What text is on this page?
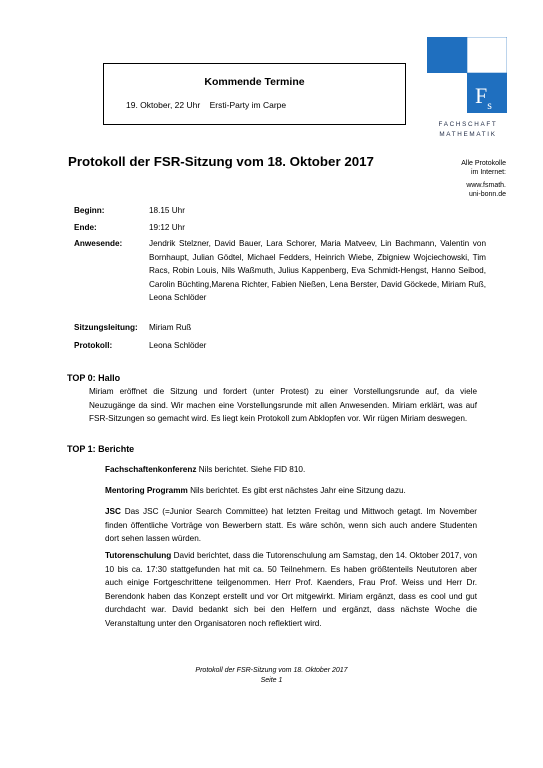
Kommende Termine
19. Oktober, 22 Uhr    Ersti-Party im Carpe	$F_s$
FACHSCHAFT
MATHEMATIK
Protokoll der FSR-Sitzung vom 18. Oktober 2017	Alle Protokolle
im Internet:
www.fsmath.
uni-bonn.de
Beginn:	18.15 Uhr
Ende:	19:12 Uhr
Anwesende:	Jendrik Stelzner, David Bauer, Lara Schorer, Maria Matveev, Lin Bachmann, Valentin von Bornhaupt, Julian Gödtel, Michael Fedders, Heinrich Wiebe, Zbigniew Wojciechowski, Tim Racs, Robin Louis, Nils Waßmuth, Julius Kappenberg, Eva Schmidt-Hengst, Hanno Seibod, Carolin Büchting,Marena Richter, Fabien Nießen, Lena Berster, David Göckede, Miriam Ruß, Leona Schlöder
Sitzungsleitung: Miriam Ruß
Protokoll:	Leona Schlöder
TOP 0: Hallo
Miriam eröffnet die Sitzung und fordert (unter Protest) zu einer Vorstellungsrunde auf, da viele Neuzugänge da sind. Wir machen eine Vorstellungsrunde mit allen Anwesenden. Miriam erklärt, was auf FSR-Sitzungen so gemacht wird. Es liegt kein Protokoll zum Abklopfen vor. Wir rügen Miriam deswegen.
TOP 1: Berichte
Fachschaftenkonferenz Nils berichtet. Siehe FID 810.
Mentoring Programm Nils berichtet. Es gibt erst nächstes Jahr eine Sitzung dazu.
JSC Das JSC (=Junior Search Committee) hat letzten Freitag und Mittwoch getagt. Im November finden öffentliche Vorträge von Bewerbern statt. Es wäre schön, wenn sich auch andere Studenten dort sehen lassen würden.
Tutorenschulung David berichtet, dass die Tutorenschulung am Samstag, den 14. Oktober 2017, von 10 bis ca. 17:30 stattgefunden hat mit ca. 50 Teilnehmern. Es haben größtenteils Neututoren aber auch einige Fortgeschrittene teilgenommen. Herr Prof. Kaenders, Frau Prof. Weiss und Herr Dr. Berendonk haben das Konzept erstellt und vor Ort mitgewirkt. Miriam ergänzt, dass es cool und gut durchdacht war. David bedankt sich bei den Helfern und ergänzt, dass nächste Woche die Veranstaltung unter den Organisatoren noch reflektiert wird.
Protokoll der FSR-Sitzung vom 18. Oktober 2017
Seite 1
